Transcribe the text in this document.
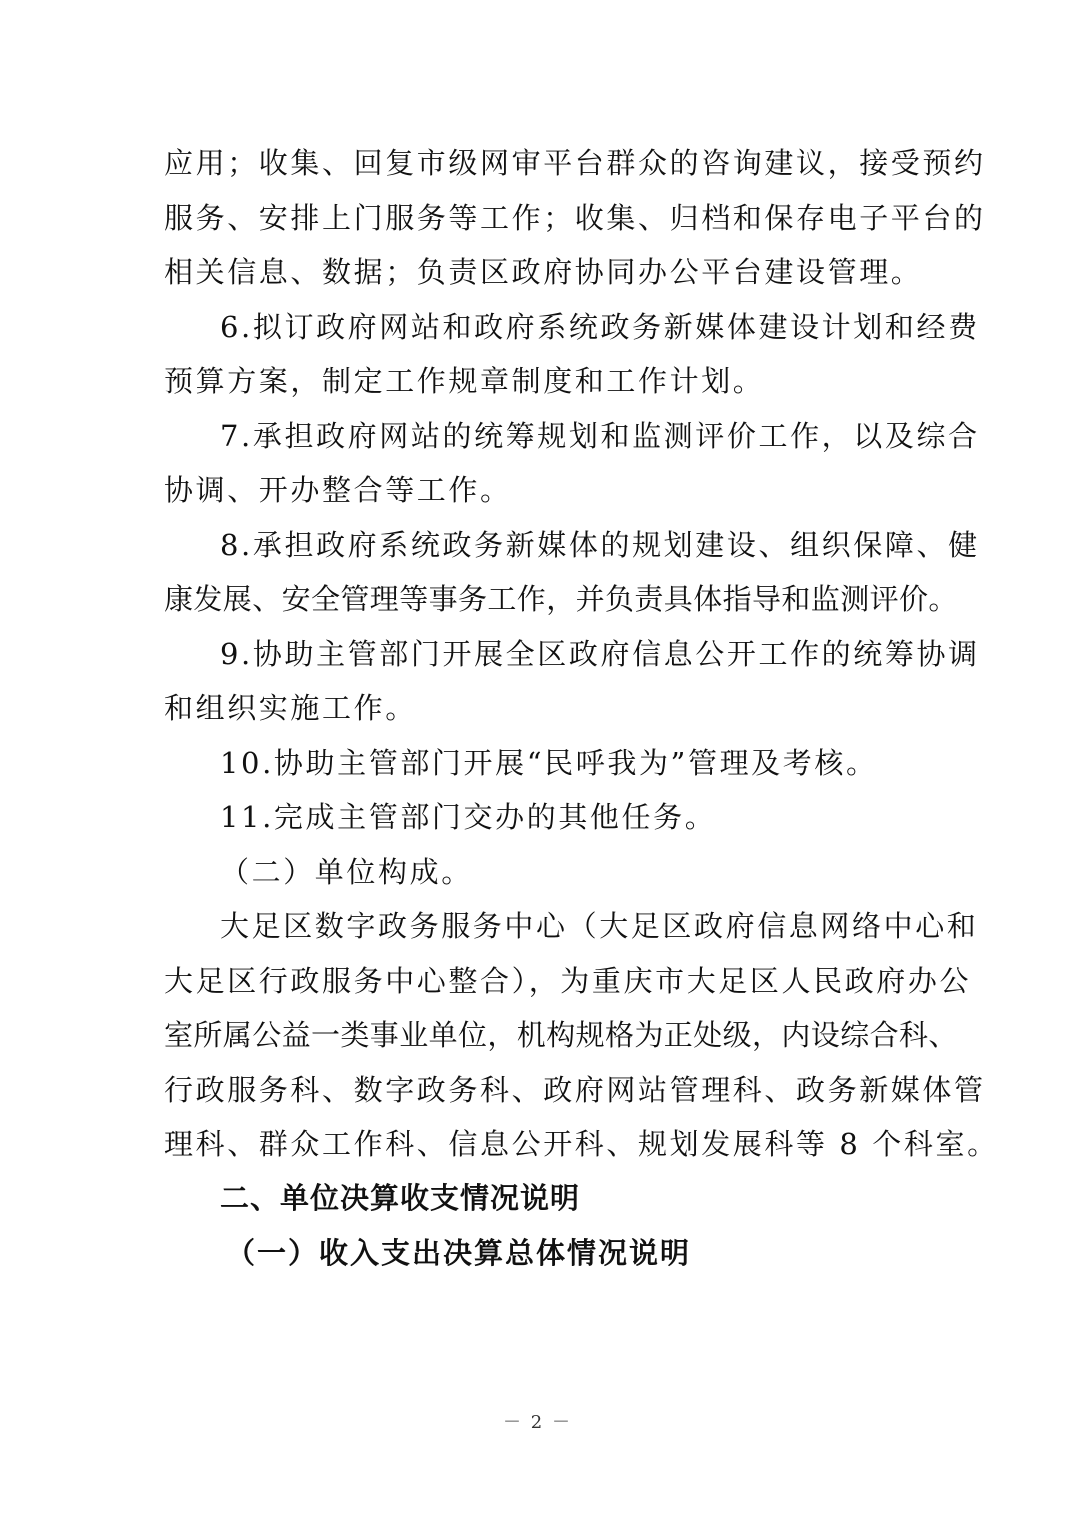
应用；收集、回复市级网审平台群众的咨询建议，接受预约
服务、安排上门服务等工作；收集、归档和保存电子平台的
相关信息、数据；负责区政府协同办公平台建设管理。
6.拟订政府网站和政府系统政务新媒体建设计划和经费
预算方案，制定工作规章制度和工作计划。
7.承担政府网站的统筹规划和监测评价工作，以及综合
协调、开办整合等工作。
8.承担政府系统政务新媒体的规划建设、组织保障、健
康发展、安全管理等事务工作，并负责具体指导和监测评价。
9.协助主管部门开展全区政府信息公开工作的统筹协调
和组织实施工作。
10.协助主管部门开展“民呼我为”管理及考核。
11.完成主管部门交办的其他任务。
（二）单位构成。
大足区数字政务服务中心（大足区政府信息网络中心和
大足区行政服务中心整合），为重庆市大足区人民政府办公
室所属公益一类事业单位，机构规格为正处级，内设综合科、
行政服务科、数字政务科、政府网站管理科、政务新媒体管
理科、群众工作科、信息公开科、规划发展科等 8 个科室。
二、单位决算收支情况说明
（一）收入支出决算总体情况说明
－ 2 －
